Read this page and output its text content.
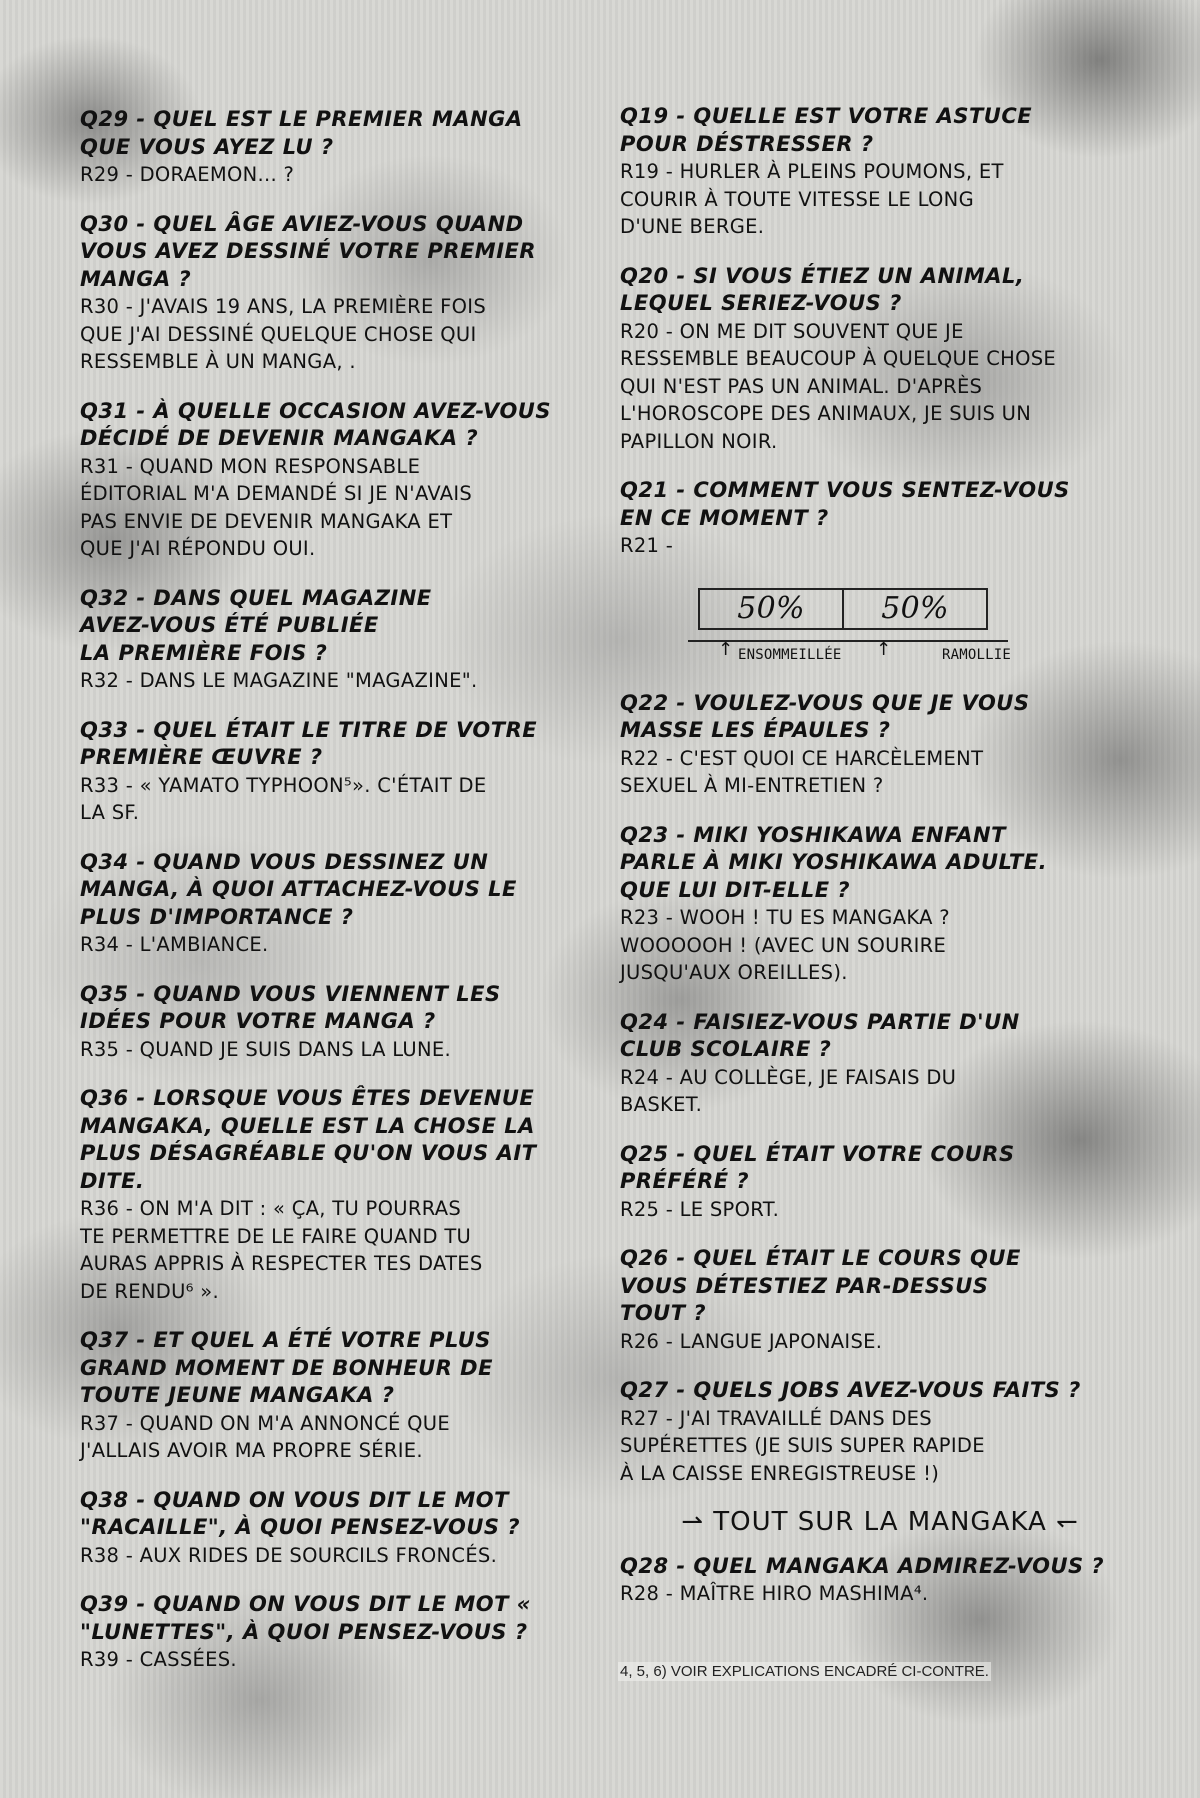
Q29 - QUEL EST LE PREMIER MANGA
QUE VOUS AYEZ LU ?
R29 - DORAEMON... ?
Q30 - QUEL ÂGE AVIEZ-VOUS QUAND
VOUS AVEZ DESSINÉ VOTRE PREMIER
MANGA ?
R30 - J'AVAIS 19 ANS, LA PREMIÈRE FOIS
QUE J'AI DESSINÉ QUELQUE CHOSE QUI
RESSEMBLE À UN MANGA, .
Q31 - À QUELLE OCCASION AVEZ-VOUS
DÉCIDÉ DE DEVENIR MANGAKA ?
R31 - QUAND MON RESPONSABLE
ÉDITORIAL M'A DEMANDÉ SI JE N'AVAIS
PAS ENVIE DE DEVENIR MANGAKA ET
QUE J'AI RÉPONDU OUI.
Q32 - DANS QUEL MAGAZINE
AVEZ-VOUS ÉTÉ PUBLIÉE
LA PREMIÈRE FOIS ?
R32 - DANS LE MAGAZINE "MAGAZINE".
Q33 - QUEL ÉTAIT LE TITRE DE VOTRE
PREMIÈRE ŒUVRE ?
R33 - « YAMATO TYPHOON⁵». C'ÉTAIT DE
LA SF.
Q34 - QUAND VOUS DESSINEZ UN
MANGA, À QUOI ATTACHEZ-VOUS LE
PLUS D'IMPORTANCE ?
R34 - L'AMBIANCE.
Q35 - QUAND VOUS VIENNENT LES
IDÉES POUR VOTRE MANGA ?
R35 - QUAND JE SUIS DANS LA LUNE.
Q36 - LORSQUE VOUS ÊTES DEVENUE
MANGAKA, QUELLE EST LA CHOSE LA
PLUS DÉSAGRÉABLE QU'ON VOUS AIT
DITE.
R36 - ON M'A DIT : « ÇA, TU POURRAS
TE PERMETTRE DE LE FAIRE QUAND TU
AURAS APPRIS À RESPECTER TES DATES
DE RENDU⁶ ».
Q37 - ET QUEL A ÉTÉ VOTRE PLUS
GRAND MOMENT DE BONHEUR DE
TOUTE JEUNE MANGAKA ?
R37 - QUAND ON M'A ANNONCÉ QUE
J'ALLAIS AVOIR MA PROPRE SÉRIE.
Q38 - QUAND ON VOUS DIT LE MOT
"RACAILLE", À QUOI PENSEZ-VOUS ?
R38 - AUX RIDES DE SOURCILS FRONCÉS.
Q39 - QUAND ON VOUS DIT LE MOT «
"LUNETTES", À QUOI PENSEZ-VOUS ?
R39 - CASSÉES.
Q19 - QUELLE EST VOTRE ASTUCE
POUR DÉSTRESSER ?
R19 - HURLER À PLEINS POUMONS, ET
COURIR À TOUTE VITESSE LE LONG
D'UNE BERGE.
Q20 - SI VOUS ÉTIEZ UN ANIMAL,
LEQUEL SERIEZ-VOUS ?
R20 - ON ME DIT SOUVENT QUE JE
RESSEMBLE BEAUCOUP À QUELQUE CHOSE
QUI N'EST PAS UN ANIMAL. D'APRÈS
L'HOROSCOPE DES ANIMAUX, JE SUIS UN
PAPILLON NOIR.
Q21 - COMMENT VOUS SENTEZ-VOUS
EN CE MOMENT ?
R21 -
50%	50%
↑ ENSOMMEILLÉE ↑	RAMOLLIE
Q22 - VOULEZ-VOUS QUE JE VOUS
MASSE LES ÉPAULES ?
R22 - C'EST QUOI CE HARCÈLEMENT
SEXUEL À MI-ENTRETIEN ?
Q23 - MIKI YOSHIKAWA ENFANT
PARLE À MIKI YOSHIKAWA ADULTE.
QUE LUI DIT-ELLE ?
R23 - WOOH ! TU ES MANGAKA ?
WOOOOOH ! (AVEC UN SOURIRE
JUSQU'AUX OREILLES).
Q24 - FAISIEZ-VOUS PARTIE D'UN
CLUB SCOLAIRE ?
R24 - AU COLLÈGE, JE FAISAIS DU
BASKET.
Q25 - QUEL ÉTAIT VOTRE COURS
PRÉFÉRÉ ?
R25 - LE SPORT.
Q26 - QUEL ÉTAIT LE COURS QUE
VOUS DÉTESTIEZ PAR-DESSUS
TOUT ?
R26 - LANGUE JAPONAISE.
Q27 - QUELS JOBS AVEZ-VOUS FAITS ?
R27 - J'AI TRAVAILLÉ DANS DES
SUPÉRETTES (JE SUIS SUPER RAPIDE
À LA CAISSE ENREGISTREUSE !)
⇀ TOUT SUR LA MANGAKA ↽
Q28 - QUEL MANGAKA ADMIREZ-VOUS ?
R28 - MAÎTRE HIRO MASHIMA⁴.
4, 5, 6) VOIR EXPLICATIONS ENCADRÉ CI-CONTRE.
